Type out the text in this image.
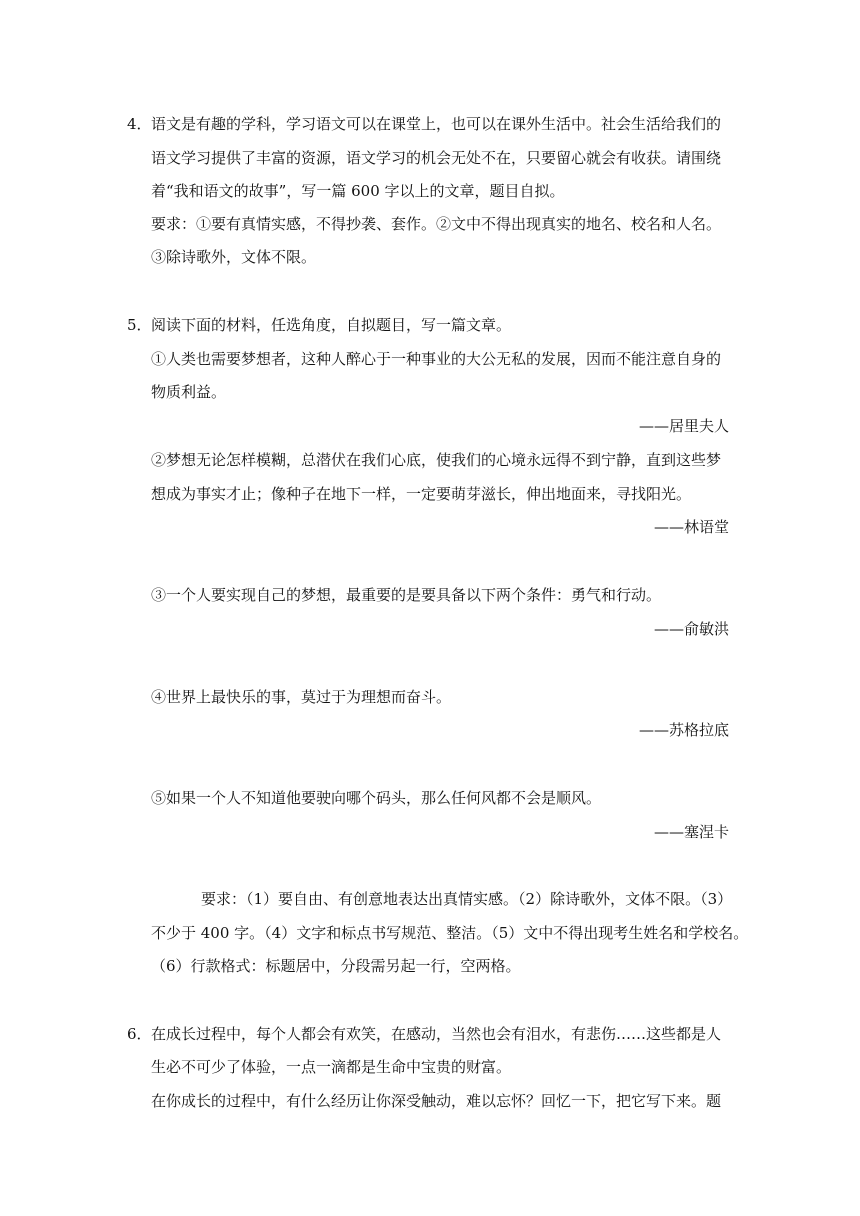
4． 语文是有趣的学科，学习语文可以在课堂上，也可以在课外生活中。社会生活给我们的
语文学习提供了丰富的资源，语文学习的机会无处不在，只要留心就会有收获。请围绕
着“我和语文的故事”，写一篇 600 字以上的文章，题目自拟。
要求：①要有真情实感，不得抄袭、套作。②文中不得出现真实的地名、校名和人名。
③除诗歌外，文体不限。
5． 阅读下面的材料，任选角度，自拟题目，写一篇文章。
①人类也需要梦想者，这种人醉心于一种事业的大公无私的发展，因而不能注意自身的
物质利益。
——居里夫人
②梦想无论怎样模糊，总潜伏在我们心底，使我们的心境永远得不到宁静，直到这些梦
想成为事实才止；像种子在地下一样，一定要萌芽滋长，伸出地面来，寻找阳光。
——林语堂
③一个人要实现自己的梦想，最重要的是要具备以下两个条件：勇气和行动。
——俞敏洪
④世界上最快乐的事，莫过于为理想而奋斗。
——苏格拉底
⑤如果一个人不知道他要驶向哪个码头，那么任何风都不会是顺风。
——塞涅卡
要求：（1）要自由、有创意地表达出真情实感。（2）除诗歌外，文体不限。（3）
不少于 400 字。（4）文字和标点书写规范、整洁。（5）文中不得出现考生姓名和学校名。
（6）行款格式：标题居中，分段需另起一行，空两格。
6． 在成长过程中，每个人都会有欢笑，在感动，当然也会有泪水，有悲伤……这些都是人
生必不可少了体验，一点一滴都是生命中宝贵的财富。
在你成长的过程中，有什么经历让你深受触动，难以忘怀？回忆一下，把它写下来。题
